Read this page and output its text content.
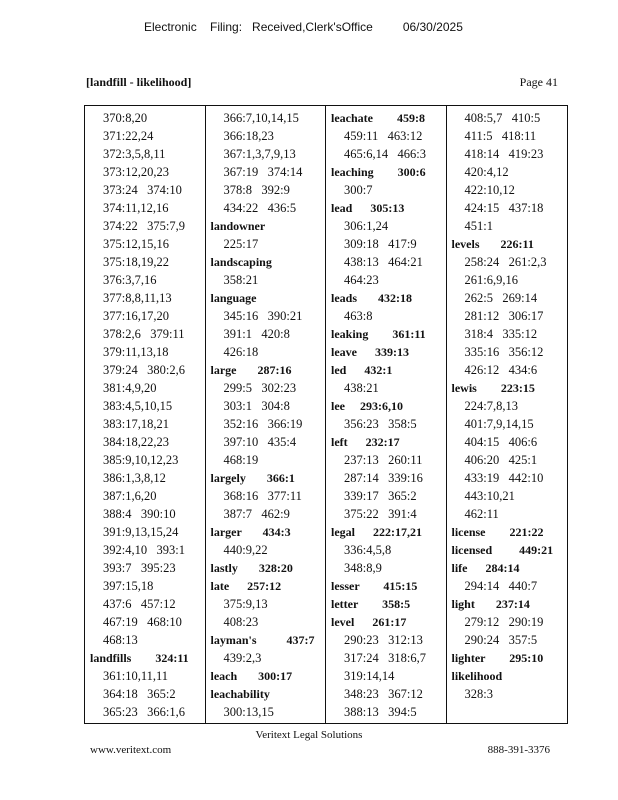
Electronic    Filing:   Received,Clerk'sOffice         06/30/2025
[landfill - likelihood]	Page 41
370:8,20
371:22,24
372:3,5,8,11
373:12,20,23
373:24   374:10
374:11,12,16
374:22   375:7,9
375:12,15,16
375:18,19,22
376:3,7,16
377:8,8,11,13
377:16,17,20
378:2,6   379:11
379:11,13,18
379:24   380:2,6
381:4,9,20
383:4,5,10,15
383:17,18,21
384:18,22,23
385:9,10,12,23
386:1,3,8,12
387:1,6,20
388:4   390:10
391:9,13,15,24
392:4,10   393:1
393:7   395:23
397:15,18
437:6   457:12
467:19   468:10
468:13
landfills        324:11
361:10,11,11
364:18   365:2
365:23   366:1,6
366:7,10,14,15
366:18,23
367:1,3,7,9,13
367:19   374:14
378:8   392:9
434:22   436:5
landowner
225:17
landscaping
358:21
language
345:16   390:21
391:1   420:8
426:18
large       287:16
299:5   302:23
303:1   304:8
352:16   366:19
397:10   435:4
468:19
largely       366:1
368:16   377:11
387:7   462:9
larger       434:3
440:9,22
lastly       328:20
late      257:12
375:9,13
408:23
layman's          437:7
439:2,3
leach       300:17
leachability
300:13,15
leachate        459:8
459:11   463:12
465:6,14   466:3
leaching        300:6
300:7
lead      305:13
306:1,24
309:18   417:9
438:13   464:21
464:23
leads       432:18
463:8
leaking        361:11
leave      339:13
led      432:1
438:21
lee     293:6,10
356:23   358:5
left      232:17
237:13   260:11
287:14   339:16
339:17   365:2
375:22   391:4
legal      222:17,21
336:4,5,8
348:8,9
lesser        415:15
letter        358:5
level      261:17
290:23   312:13
317:24   318:6,7
319:14,14
348:23   367:12
388:13   394:5
408:5,7   410:5
411:5   418:11
418:14   419:23
420:4,12
422:10,12
424:15   437:18
451:1
levels       226:11
258:24   261:2,3
261:6,9,16
262:5   269:14
281:12   306:17
318:4   335:12
335:16   356:12
426:12   434:6
lewis        223:15
224:7,8,13
401:7,9,14,15
404:15   406:6
406:20   425:1
433:19   442:10
443:10,21
462:11
license        221:22
licensed         449:21
life      284:14
294:14   440:7
light       237:14
279:12   290:19
290:24   357:5
lighter        295:10
likelihood
328:3
Veritext Legal Solutions
www.veritext.com	888-391-3376
